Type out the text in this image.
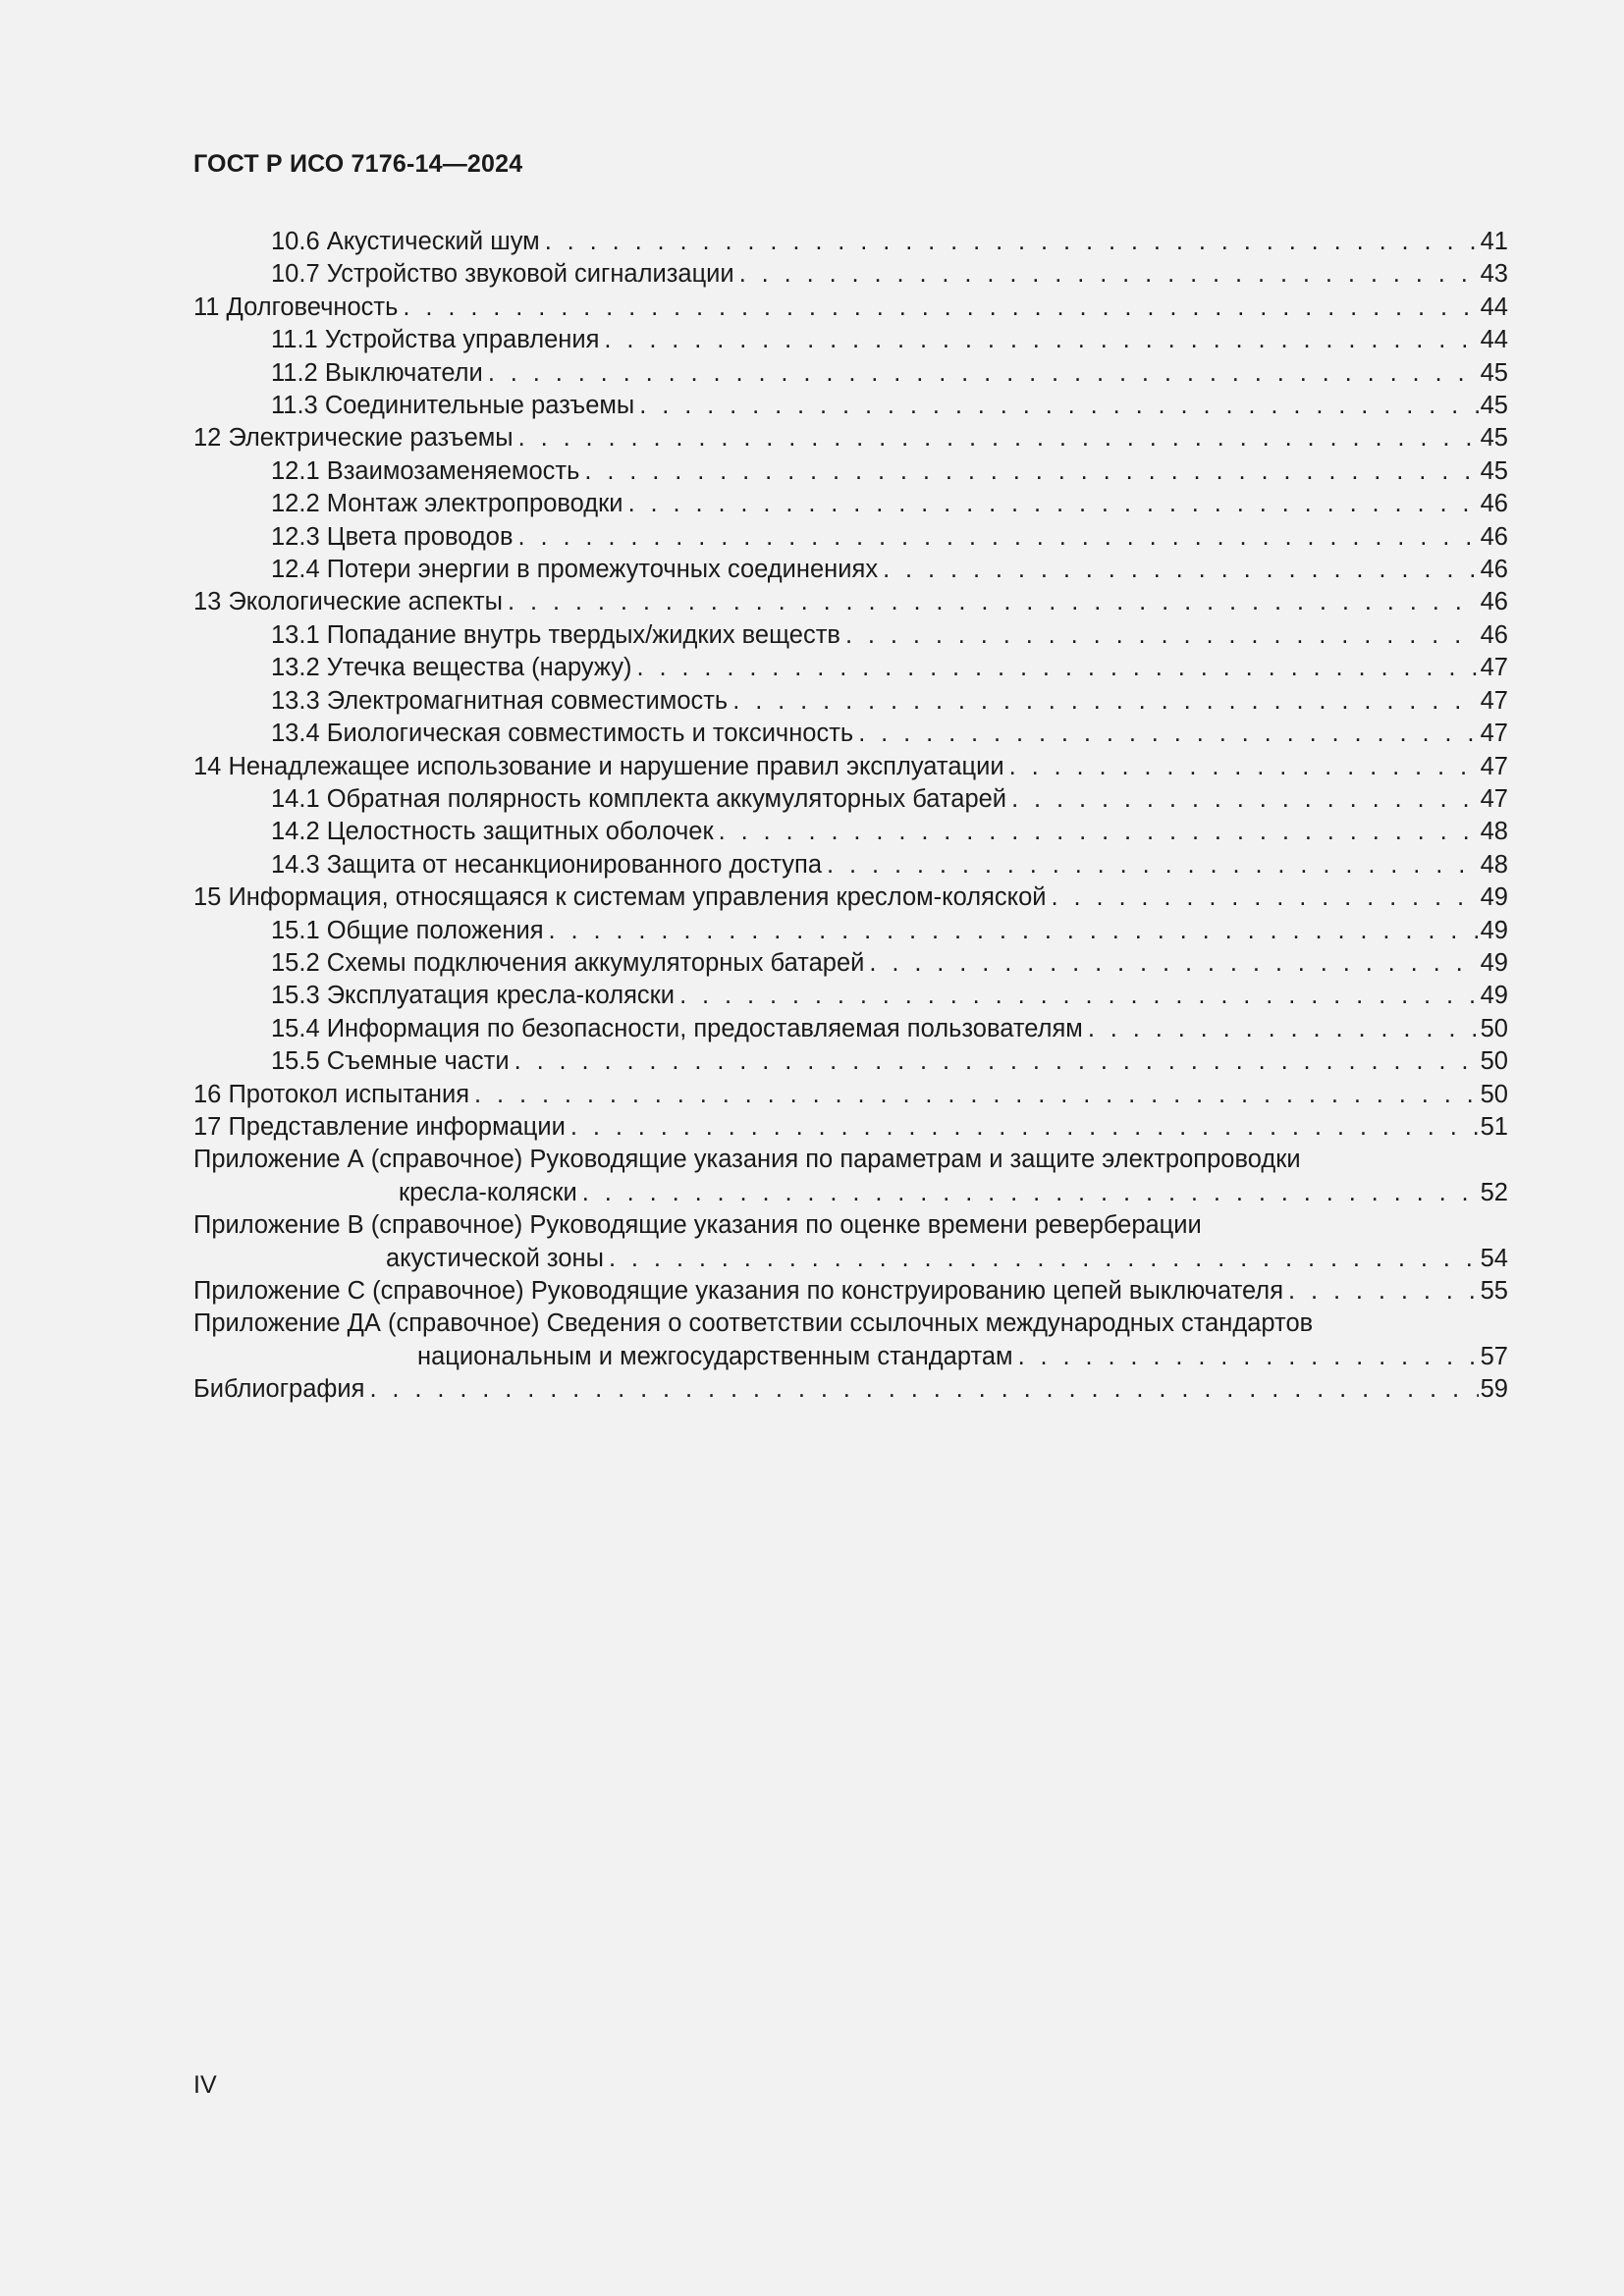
ГОСТ Р ИСО 7176-14—2024
10.6 Акустический шум . . .	41
10.7 Устройство звуковой сигнализации . . .	43
11 Долговечность . . .	44
11.1 Устройства управления . . .	44
11.2 Выключатели . . .	45
11.3 Соединительные разъемы . . .	45
12 Электрические разъемы . . .	45
12.1 Взаимозаменяемость . . .	45
12.2 Монтаж электропроводки . . .	46
12.3 Цвета проводов . . .	46
12.4 Потери энергии в промежуточных соединениях . . .	46
13 Экологические аспекты . . .	46
13.1 Попадание внутрь твердых/жидких веществ . . .	46
13.2 Утечка вещества (наружу) . . .	47
13.3 Электромагнитная совместимость . . .	47
13.4 Биологическая совместимость и токсичность . . .	47
14 Ненадлежащее использование и нарушение правил эксплуатации . . .	47
14.1 Обратная полярность комплекта аккумуляторных батарей . . .	47
14.2 Целостность защитных оболочек . . .	48
14.3 Защита от несанкционированного доступа . . .	48
15 Информация, относящаяся к системам управления креслом-коляской . . .	49
15.1 Общие положения . . .	49
15.2 Схемы подключения аккумуляторных батарей . . .	49
15.3 Эксплуатация кресла-коляски . . .	49
15.4 Информация по безопасности, предоставляемая пользователям . . .	50
15.5 Съемные части . . .	50
16 Протокол испытания . . .	50
17 Представление информации . . .	51
Приложение А (справочное) Руководящие указания по параметрам и защите электропроводки
кресла-коляски . . .	52
Приложение В (справочное) Руководящие указания по оценке времени реверберации
акустической зоны . . .	54
Приложение С (справочное) Руководящие указания по конструированию цепей выключателя . . .	55
Приложение ДА (справочное) Сведения о соответствии ссылочных международных стандартов
национальным и межгосударственным стандартам . . .	57
Библиография . . .	59
IV
